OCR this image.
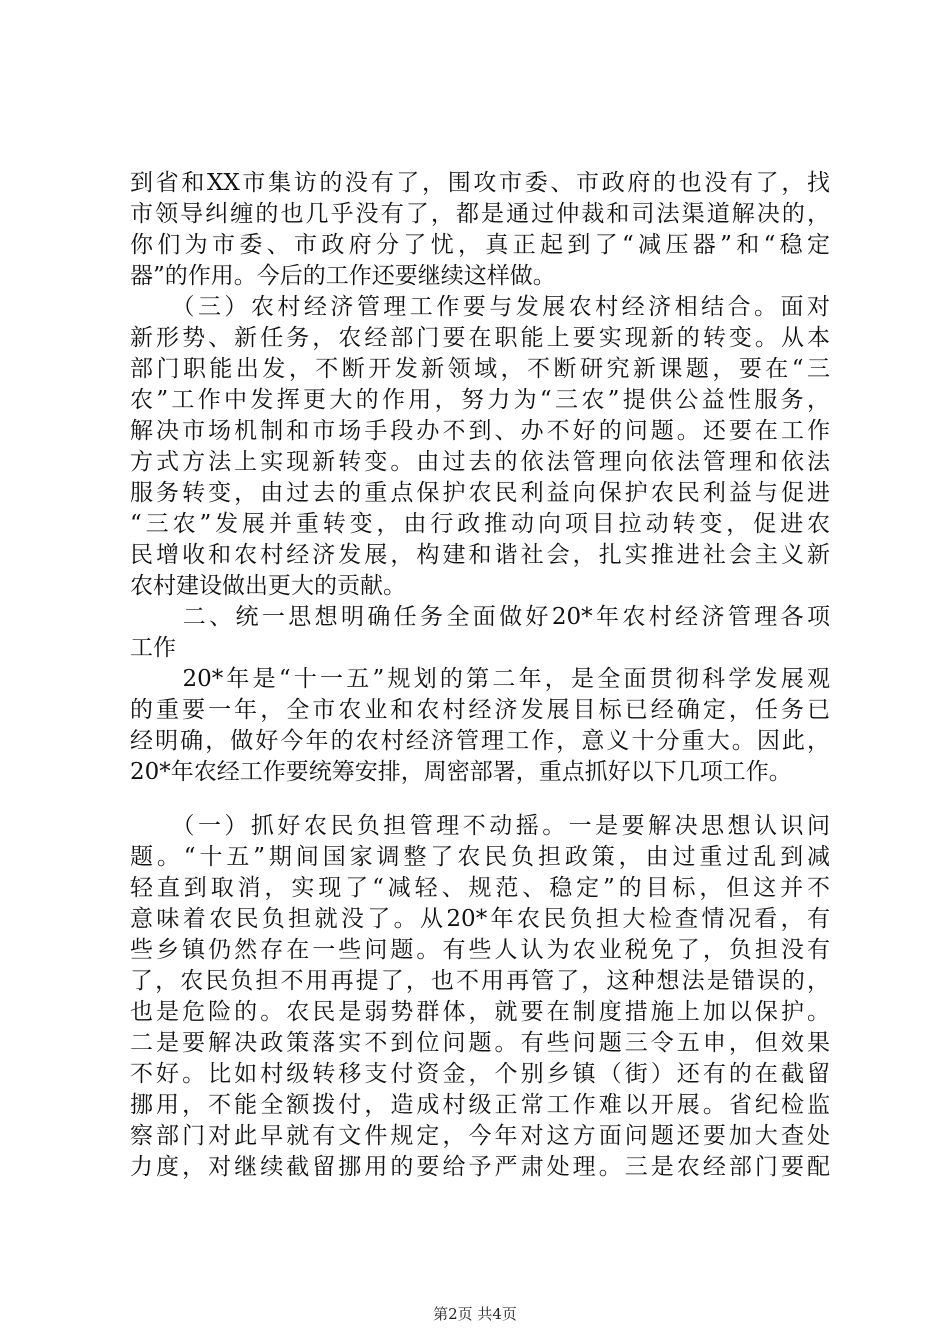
到省和XX市集访的没有了，围攻市委、市政府的也没有了，找
市领导纠缠的也几乎没有了，都是通过仲裁和司法渠道解决的，
你们为市委、市政府分了忧，真正起到了“减压器”和“稳定
器”的作用。今后的工作还要继续这样做。
　　（三）农村经济管理工作要与发展农村经济相结合。面对
新形势、新任务，农经部门要在职能上要实现新的转变。从本
部门职能出发，不断开发新领域，不断研究新课题，要在“三
农”工作中发挥更大的作用，努力为“三农”提供公益性服务，
解决市场机制和市场手段办不到、办不好的问题。还要在工作
方式方法上实现新转变。由过去的依法管理向依法管理和依法
服务转变，由过去的重点保护农民利益向保护农民利益与促进
“三农”发展并重转变，由行政推动向项目拉动转变，促进农
民增收和农村经济发展，构建和谐社会，扎实推进社会主义新
农村建设做出更大的贡献。
　　二、统一思想明确任务全面做好20*年农村经济管理各项
工作
　　20*年是“十一五”规划的第二年，是全面贯彻科学发展观
的重要一年，全市农业和农村经济发展目标已经确定，任务已
经明确，做好今年的农村经济管理工作，意义十分重大。因此，
20*年农经工作要统筹安排，周密部署，重点抓好以下几项工作。
　　（一）抓好农民负担管理不动摇。一是要解决思想认识问
题。“十五”期间国家调整了农民负担政策，由过重过乱到减
轻直到取消，实现了“减轻、规范、稳定”的目标，但这并不
意味着农民负担就没了。从20*年农民负担大检查情况看，有
些乡镇仍然存在一些问题。有些人认为农业税免了，负担没有
了，农民负担不用再提了，也不用再管了，这种想法是错误的，
也是危险的。农民是弱势群体，就要在制度措施上加以保护。
二是要解决政策落实不到位问题。有些问题三令五申，但效果
不好。比如村级转移支付资金，个别乡镇（街）还有的在截留
挪用，不能全额拨付，造成村级正常工作难以开展。省纪检监
察部门对此早就有文件规定，今年对这方面问题还要加大查处
力度，对继续截留挪用的要给予严肃处理。三是农经部门要配
第2页 共4页
